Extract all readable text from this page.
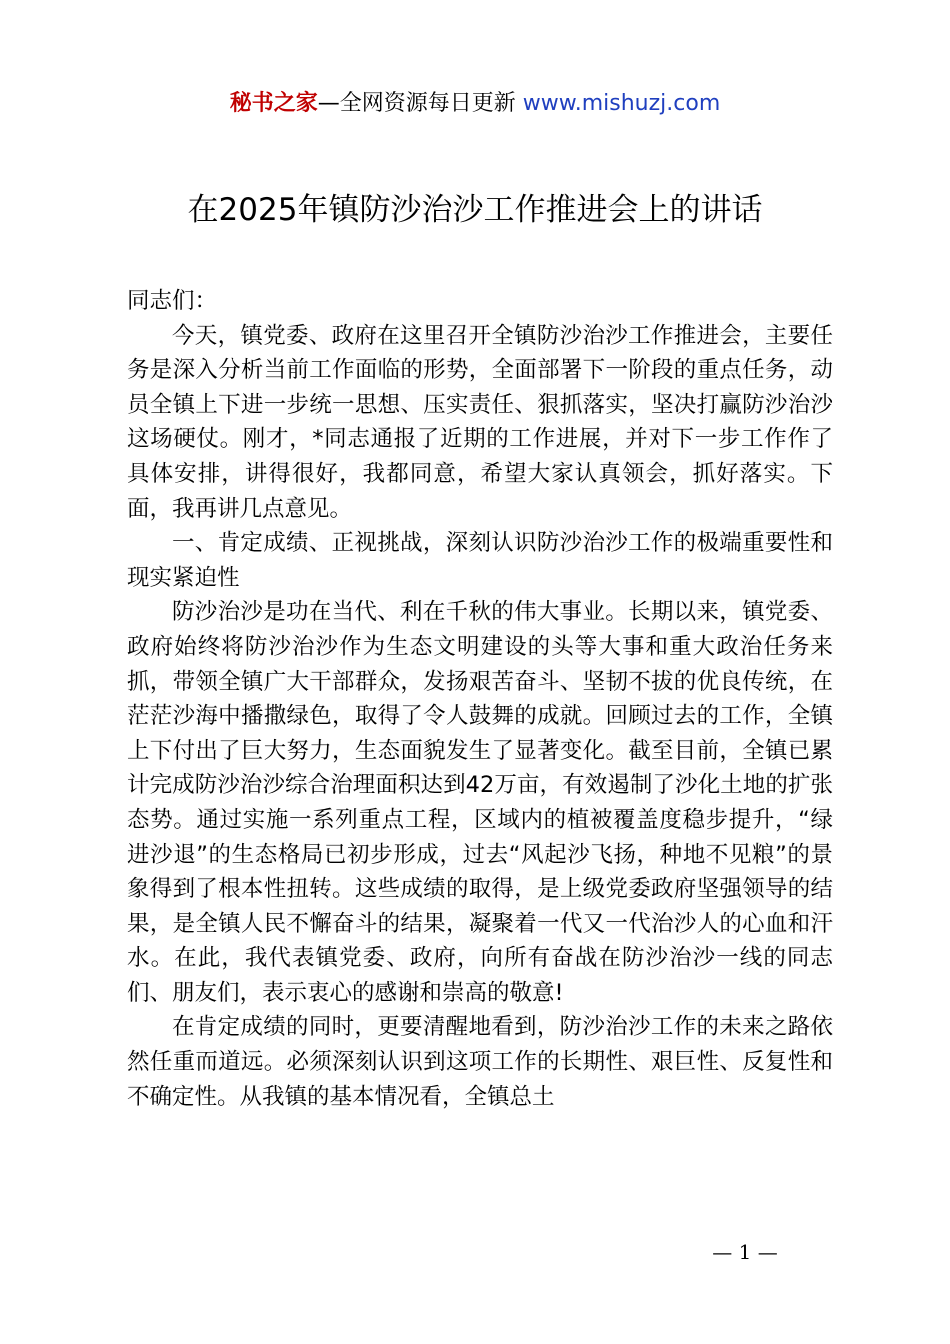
秘书之家—全网资源每日更新 www.mishuzj.com
在2025年镇防沙治沙工作推进会上的讲话

同志们：

今天，镇党委、政府在这里召开全镇防沙治沙工作推进会，主要任务是深入分析当前工作面临的形势，全面部署下一阶段的重点任务，动员全镇上下进一步统一思想、压实责任、狠抓落实，坚决打赢防沙治沙这场硬仗。刚才，*同志通报了近期的工作进展，并对下一步工作作了具体安排，讲得很好，我都同意，希望大家认真领会，抓好落实。下面，我再讲几点意见。

一、肯定成绩、正视挑战，深刻认识防沙治沙工作的极端重要性和现实紧迫性

防沙治沙是功在当代、利在千秋的伟大事业。长期以来，镇党委、政府始终将防沙治沙作为生态文明建设的头等大事和重大政治任务来抓，带领全镇广大干部群众，发扬艰苦奋斗、坚韧不拔的优良传统，在茫茫沙海中播撒绿色，取得了令人鼓舞的成就。回顾过去的工作，全镇上下付出了巨大努力，生态面貌发生了显著变化。截至目前，全镇已累计完成防沙治沙综合治理面积达到42万亩，有效遏制了沙化土地的扩张态势。通过实施一系列重点工程，区域内的植被覆盖度稳步提升，“绿进沙退”的生态格局已初步形成，过去“风起沙飞扬，种地不见粮”的景象得到了根本性扭转。这些成绩的取得，是上级党委政府坚强领导的结果，是全镇人民不懈奋斗的结果，凝聚着一代又一代治沙人的心血和汗水。在此，我代表镇党委、政府，向所有奋战在防沙治沙一线的同志们、朋友们，表示衷心的感谢和崇高的敬意!

在肯定成绩的同时，更要清醒地看到，防沙治沙工作的未来之路依然任重而道远。必须深刻认识到这项工作的长期性、艰巨性、反复性和不确定性。从我镇的基本情况看，全镇总土

— 1 —
